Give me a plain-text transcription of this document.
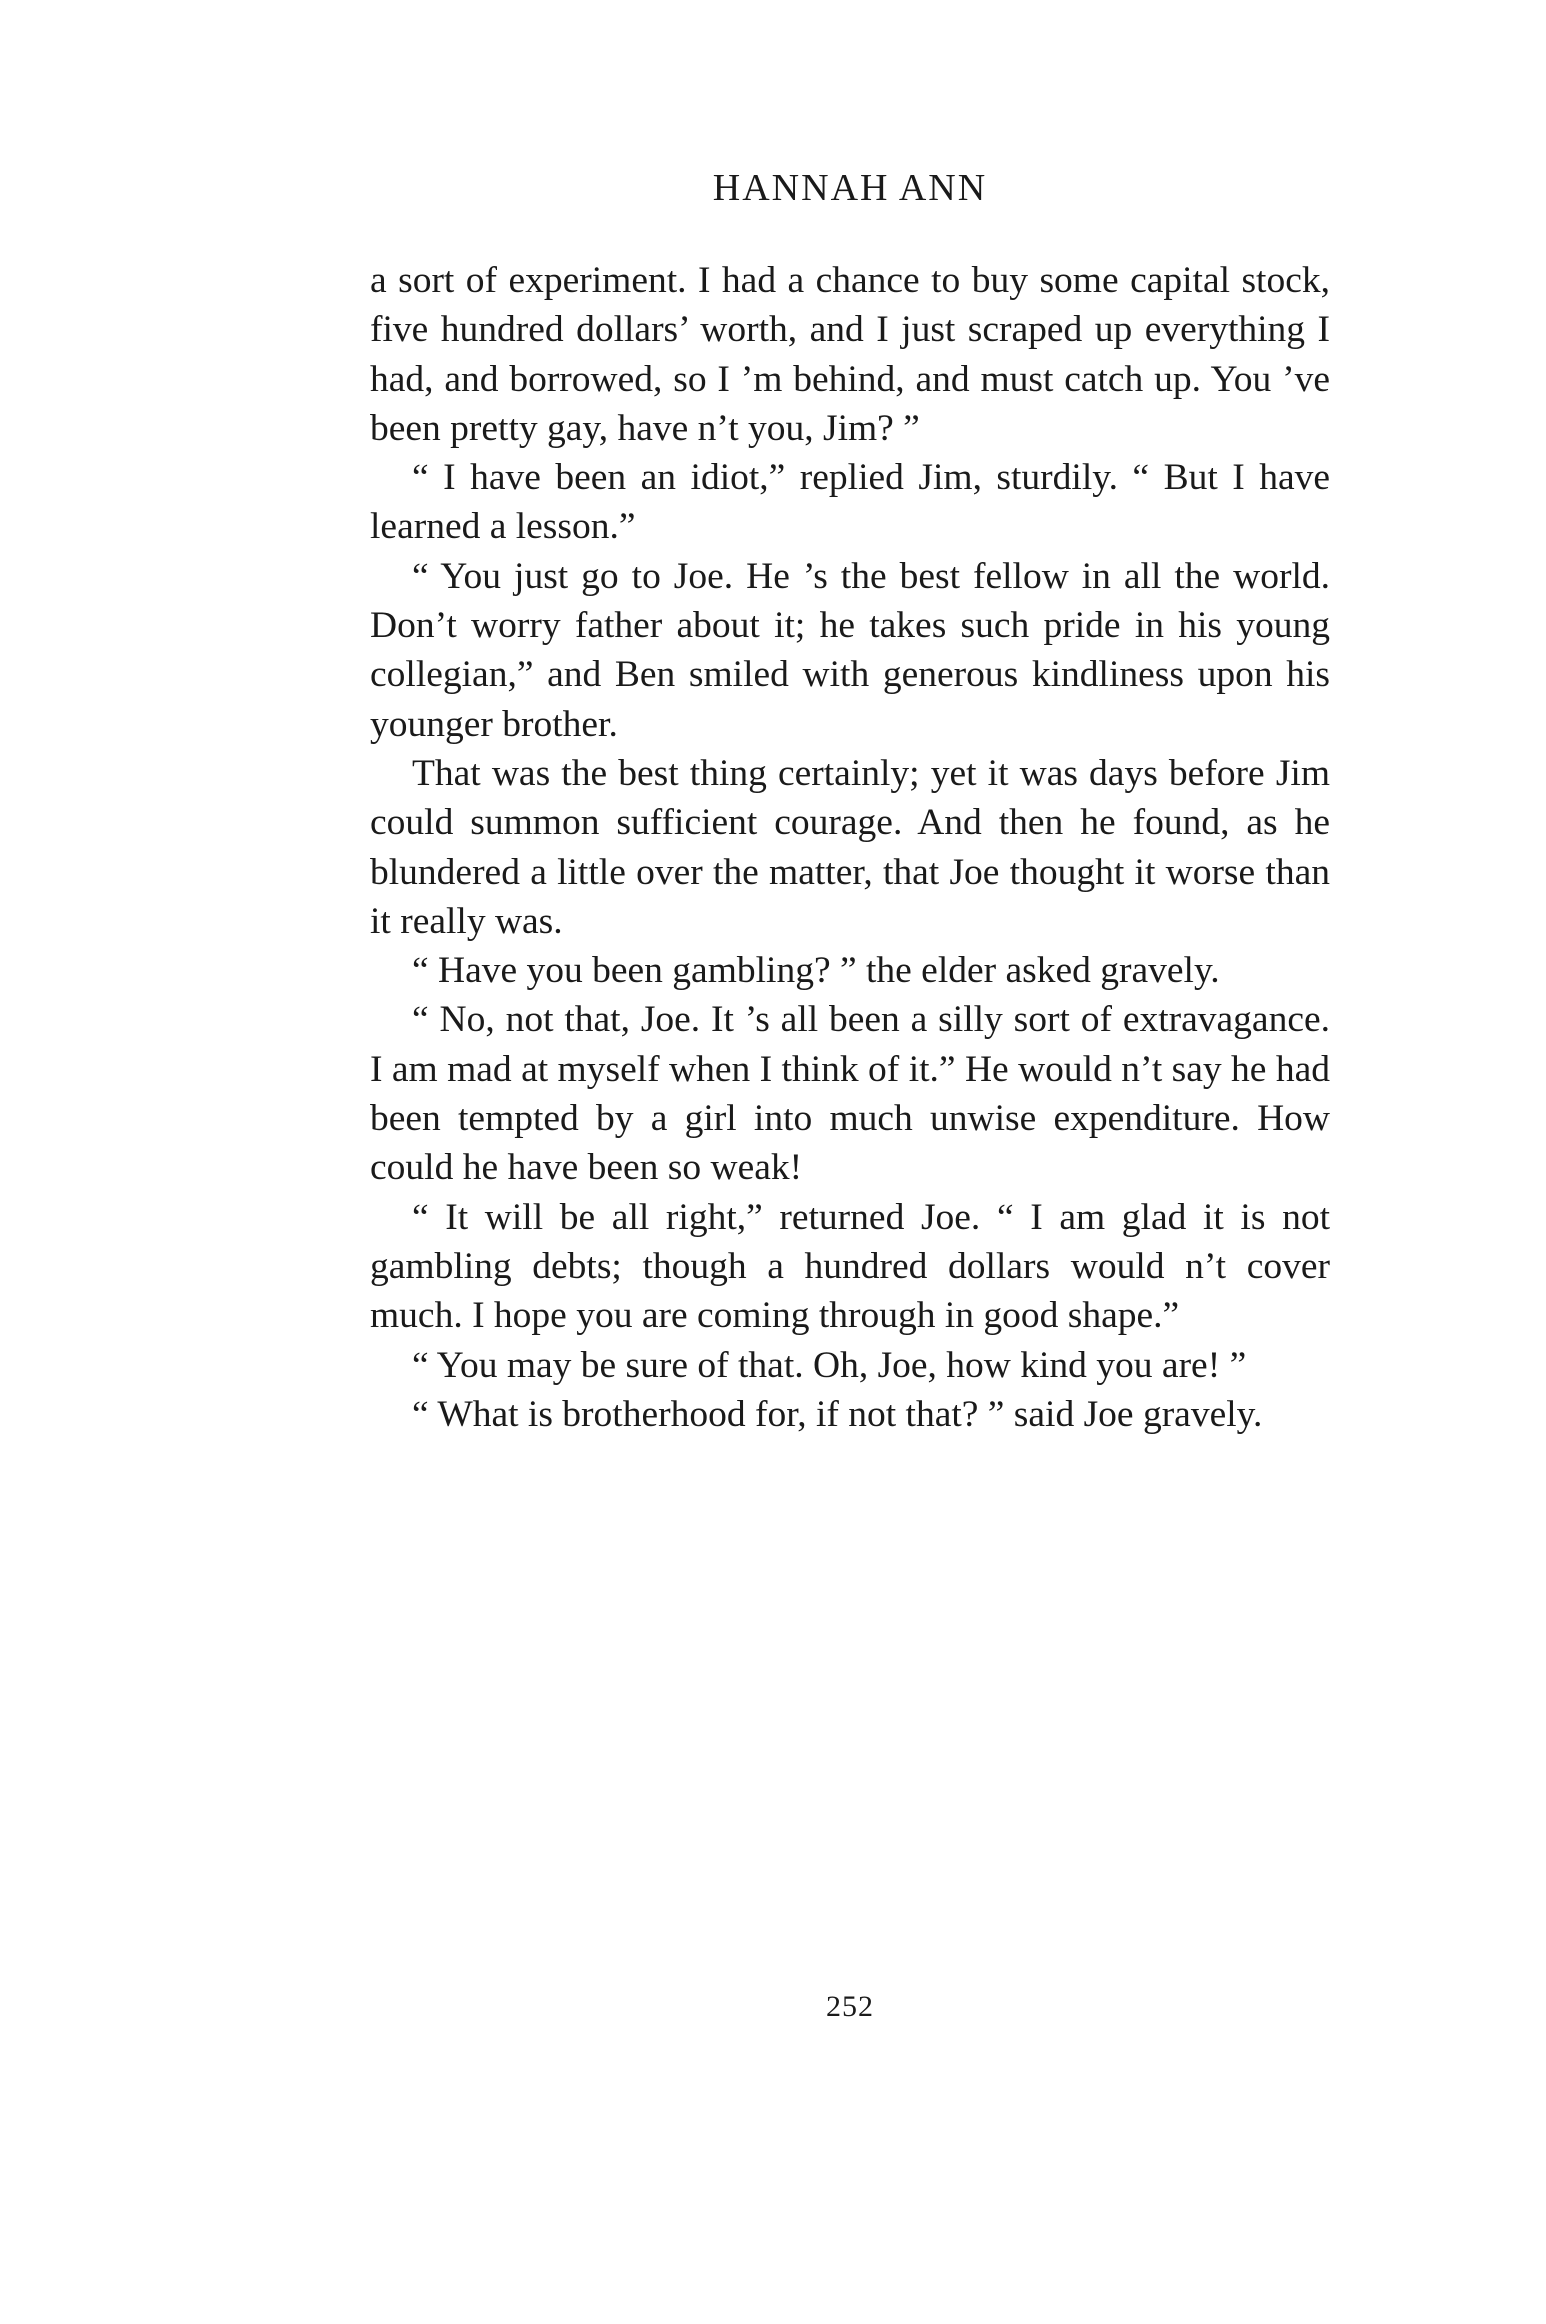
HANNAH ANN

a sort of experiment. I had a chance to buy some capital stock, five hundred dollars’ worth, and I just scraped up everything I had, and borrowed, so I ’m behind, and must catch up. You ’ve been pretty gay, have n’t you, Jim? ”

“ I have been an idiot,” replied Jim, sturdily. “ But I have learned a lesson.”

“ You just go to Joe. He ’s the best fellow in all the world. Don’t worry father about it; he takes such pride in his young collegian,” and Ben smiled with generous kindliness upon his younger brother.

That was the best thing certainly; yet it was days before Jim could summon sufficient courage. And then he found, as he blundered a little over the matter, that Joe thought it worse than it really was.

“ Have you been gambling? ” the elder asked gravely.

“ No, not that, Joe. It ’s all been a silly sort of extravagance. I am mad at myself when I think of it.” He would n’t say he had been tempted by a girl into much unwise expenditure. How could he have been so weak!

“ It will be all right,” returned Joe. “ I am glad it is not gambling debts; though a hundred dollars would n’t cover much. I hope you are coming through in good shape.”

“ You may be sure of that. Oh, Joe, how kind you are! ”

“ What is brotherhood for, if not that? ” said Joe gravely.

252
